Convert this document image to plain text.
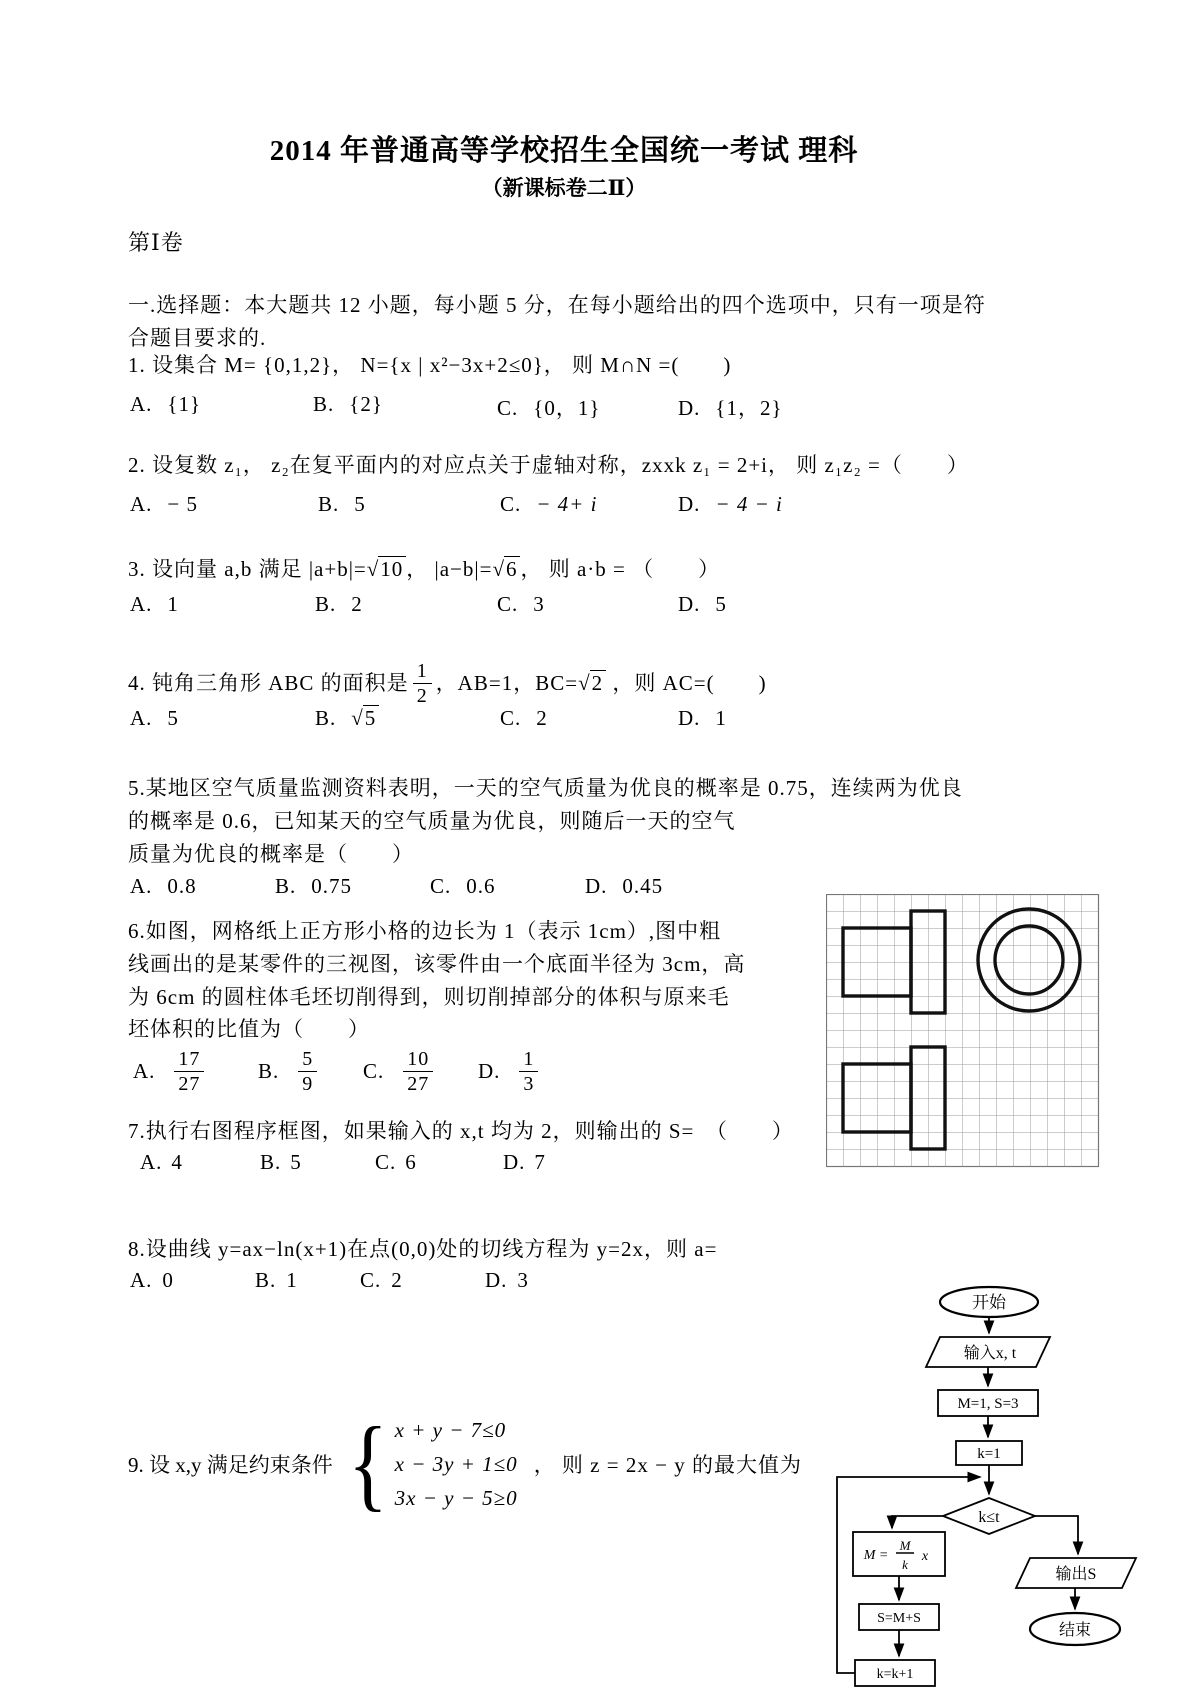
2014 年普通高等学校招生全国统一考试 理科
（新课标卷二Ⅱ）
第Ⅰ卷
一.选择题：本大题共 12 小题，每小题 5 分，在每小题给出的四个选项中，只有一项是符
合题目要求的.
1. 设集合 M= {0,1,2}， N={x | x²−3x+2≤0}， 则 M∩N =(　　)
A. {1}	B. {2}	C. {0，1}	D. {1，2}
2. 设复数 z₁， z₂在复平面内的对应点关于虚轴对称，zxxk z₁ = 2+i， 则 z₁z₂ =（　　）
A. − 5	B. 5	C. − 4+ i	D. − 4 − i
3. 设向量 a,b 满足 |a+b|=√10 ， |a−b|=√6 ， 则 a·b = （　　）
A. 1	B. 2	C. 3	D. 5
4. 钝角三角形 ABC 的面积是 $\frac{1}{2}$ ，AB=1，BC=√2 ，则 AC=(　　)
A. 5	B. √5	C. 2	D. 1
5.某地区空气质量监测资料表明，一天的空气质量为优良的概率是 0.75，连续两为优良
的概率是 0.6，已知某天的空气质量为优良，则随后一天的空气
质量为优良的概率是（　　）
A. 0.8	B. 0.75	C. 0.6	D. 0.45
6.如图，网格纸上正方形小格的边长为 1（表示 1cm）,图中粗
线画出的是某零件的三视图，该零件由一个底面半径为 3cm，高
为 6cm 的圆柱体毛坯切削得到，则切削掉部分的体积与原来毛
坯体积的比值为（　　）
A. $\frac{17}{27}$	B. $\frac{5}{9} C$. $\frac{10}{27} D$. $\frac{1}{3}$
7.执行右图程序框图，如果输入的 x,t 均为 2，则输出的 S=　（　　）
A. 4	B. 5	C. 6	D. 7
8.设曲线 y=ax−ln(x+1)在点(0,0)处的切线方程为 y=2x，则 a=
A. 0	B. 1	C. 2	D. 3
9. 设 x,y 满足约束条件 { x + y − 7≤0
x − 3y + 1≤0
3x − y − 5≥0
， 则 z = 2x − y 的最大值为
开始
输入x, t
M=1, S=3
k=1
k≤t
M =
M
k
x
S=M+S
k=k+1
输出S
结束
